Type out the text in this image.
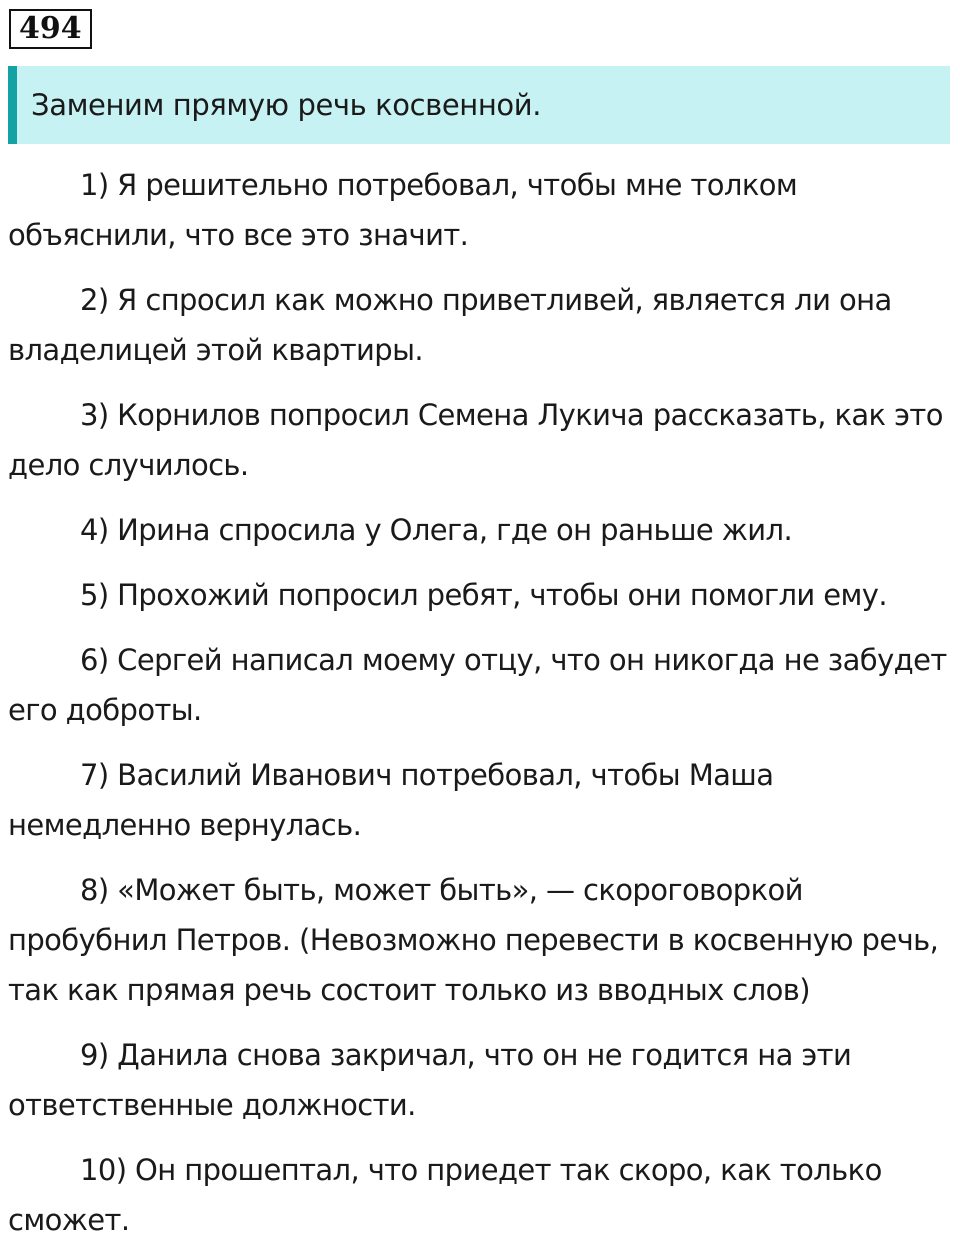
494
Заменим прямую речь косвенной.

1) Я решительно потребовал, чтобы мне толком объяснили, что все это значит.

2) Я спросил как можно приветливей, является ли она владелицей этой квартиры.

3) Корнилов попросил Семена Лукича рассказать, как это дело случилось.

4) Ирина спросила у Олега, где он раньше жил.

5) Прохожий попросил ребят, чтобы они помогли ему.

6) Сергей написал моему отцу, что он никогда не забудет его доброты.

7) Василий Иванович потребовал, чтобы Маша немедленно вернулась.

8) «Может быть, может быть», — скороговоркой пробубнил Петров. (Невозможно перевести в косвенную речь, так как прямая речь состоит только из вводных слов)

9) Данила снова закричал, что он не годится на эти ответственные должности.

10) Он прошептал, что приедет так скоро, как только сможет.
